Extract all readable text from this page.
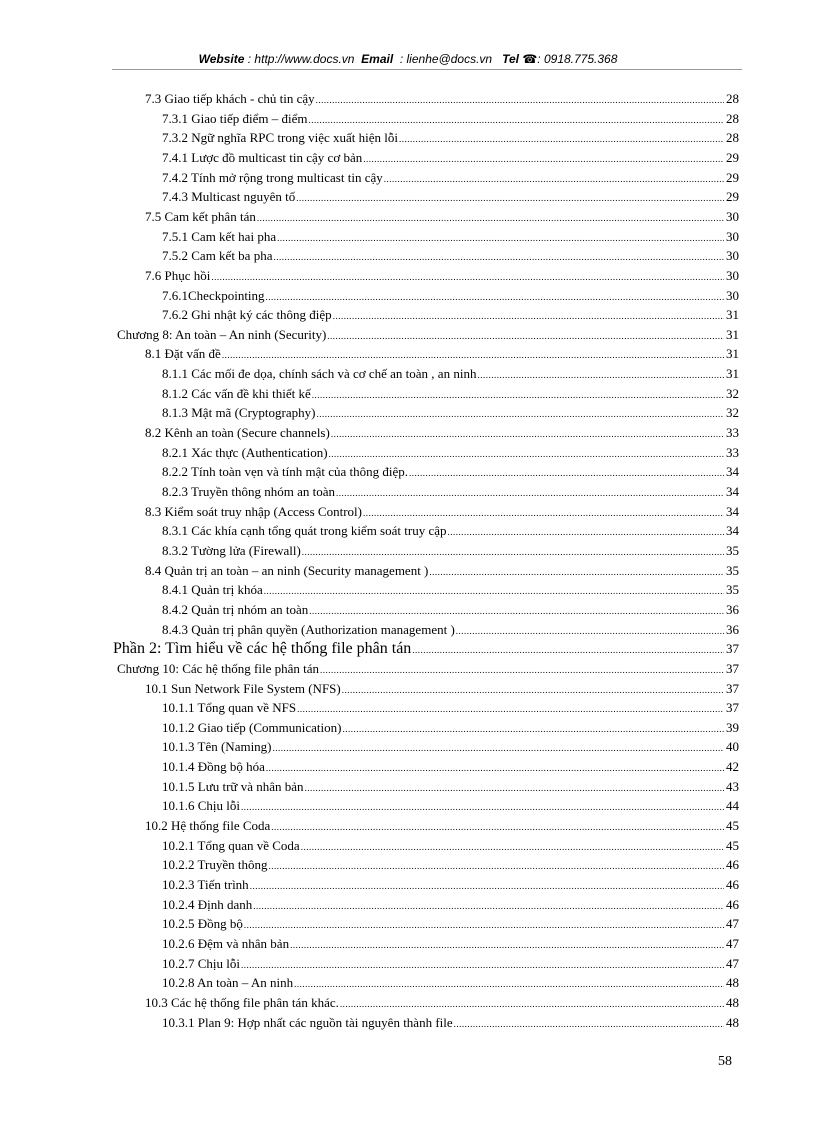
Website : http://www.docs.vn Email : lienhe@docs.vn Tel ☎: 0918.775.368
7.3 Giao tiếp khách - chủ tin cậy .....	28
7.3.1 Giao tiếp điểm – điểm .....	28
7.3.2 Ngữ nghĩa RPC trong việc xuất hiện lỗi .....	28
7.4.1 Lược đồ multicast tin cậy cơ bản .....	29
7.4.2 Tính mở rộng trong multicast tin cậy .....	29
7.4.3 Multicast nguyên tố .....	29
7.5 Cam kết phân tán .....	30
7.5.1 Cam kết hai pha .....	30
7.5.2 Cam kết ba pha .....	30
7.6 Phục hồi .....	30
7.6.1Checkpointing .....	30
7.6.2 Ghi nhật ký các thông điệp .....	31
Chương 8: An toàn – An ninh (Security) .....	31
8.1 Đặt vấn đề .....	31
8.1.1 Các mối đe dọa, chính sách và cơ chế an toàn , an ninh .....	31
8.1.2 Các vấn đề khi thiết kế .....	32
8.1.3 Mật mã (Cryptography) .....	32
8.2 Kênh an toàn (Secure channels) .....	33
8.2.1 Xác thực (Authentication) .....	33
8.2.2 Tính toàn vẹn và tính mật của thông điệp. .....	34
8.2.3 Truyền thông nhóm an toàn .....	34
8.3 Kiểm soát truy nhập (Access Control) .....	34
8.3.1 Các khía cạnh tổng quát trong kiểm soát truy cập .....	34
8.3.2 Tường lửa (Firewall) .....	35
8.4 Quản trị an toàn – an ninh (Security management ) .....	35
8.4.1 Quản trị khóa .....	35
8.4.2 Quản trị nhóm an toàn .....	36
8.4.3 Quản trị phân quyền (Authorization management ) .....	36
Phần 2: Tìm hiểu về các hệ thống file phân tán .....	37
Chương 10: Các hệ thống file phân tán .....	37
10.1 Sun Network File System (NFS) .....	37
10.1.1 Tổng quan về NFS .....	37
10.1.2 Giao tiếp (Communication) .....	39
10.1.3 Tên (Naming) .....	40
10.1.4 Đồng bộ hóa .....	42
10.1.5 Lưu trữ và nhân bản .....	43
10.1.6 Chịu lỗi .....	44
10.2 Hệ thống file Coda .....	45
10.2.1 Tổng quan về Coda .....	45
10.2.2 Truyền thông .....	46
10.2.3 Tiến trình .....	46
10.2.4 Định danh .....	46
10.2.5 Đồng bộ .....	47
10.2.6 Đệm và nhân bản .....	47
10.2.7 Chịu lỗi .....	47
10.2.8 An toàn – An ninh .....	48
10.3 Các hệ thống file phân tán khác. .....	48
10.3.1 Plan 9: Hợp nhất các nguồn tài nguyên thành file .....	48
58
